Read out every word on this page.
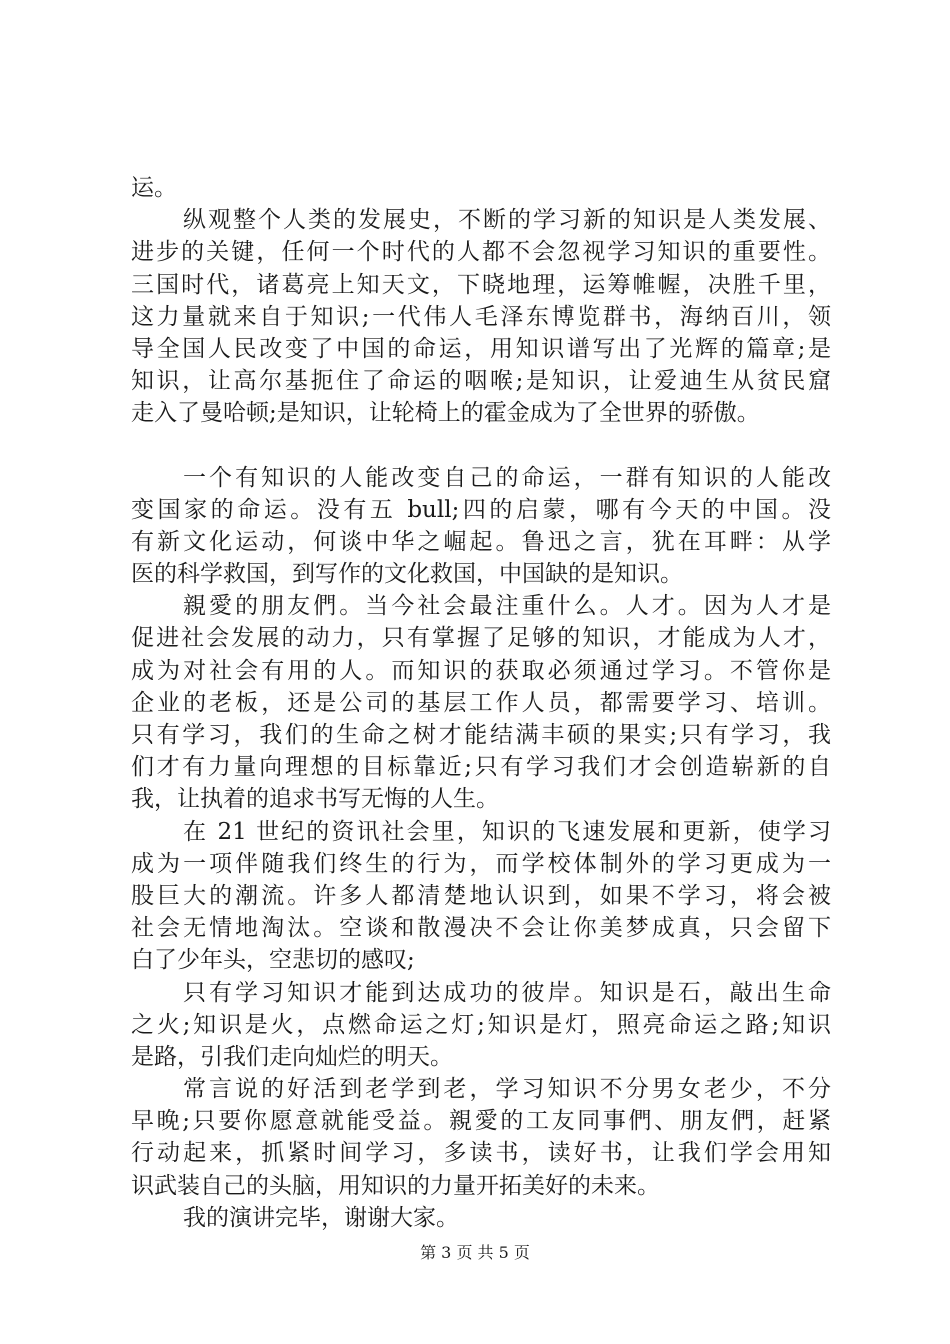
运。
纵观整个人类的发展史，不断的学习新的知识是人类发展、
进步的关键，任何一个时代的人都不会忽视学习知识的重要性。
三国时代，诸葛亮上知天文，下晓地理，运筹帷幄，决胜千里，
这力量就来自于知识;一代伟人毛泽东博览群书，海纳百川，领
导全国人民改变了中国的命运，用知识谱写出了光辉的篇章;是
知识，让高尔基扼住了命运的咽喉;是知识，让爱迪生从贫民窟
走入了曼哈顿;是知识，让轮椅上的霍金成为了全世界的骄傲。
一个有知识的人能改变自己的命运，一群有知识的人能改
变国家的命运。没有五 bull;四的启蒙，哪有今天的中国。没
有新文化运动，何谈中华之崛起。鲁迅之言，犹在耳畔：从学
医的科学救国，到写作的文化救国，中国缺的是知识。
親愛的朋友們。当今社会最注重什么。人才。因为人才是
促进社会发展的动力，只有掌握了足够的知识，才能成为人才，
成为对社会有用的人。而知识的获取必须通过学习。不管你是
企业的老板，还是公司的基层工作人员，都需要学习、培训。
只有学习，我们的生命之树才能结满丰硕的果实;只有学习，我
们才有力量向理想的目标靠近;只有学习我们才会创造崭新的自
我，让执着的追求书写无悔的人生。
在 21 世纪的资讯社会里，知识的飞速发展和更新，使学习
成为一项伴随我们终生的行为，而学校体制外的学习更成为一
股巨大的潮流。许多人都清楚地认识到，如果不学习，将会被
社会无情地淘汰。空谈和散漫决不会让你美梦成真，只会留下
白了少年头，空悲切的感叹;
只有学习知识才能到达成功的彼岸。知识是石，敲出生命
之火;知识是火，点燃命运之灯;知识是灯，照亮命运之路;知识
是路，引我们走向灿烂的明天。
常言说的好活到老学到老，学习知识不分男女老少，不分
早晚;只要你愿意就能受益。親愛的工友同事們、朋友們，赶紧
行动起来，抓紧时间学习，多读书，读好书，让我们学会用知
识武装自己的头脑，用知识的力量开拓美好的未来。
我的演讲完毕，谢谢大家。
第 3 页 共 5 页
